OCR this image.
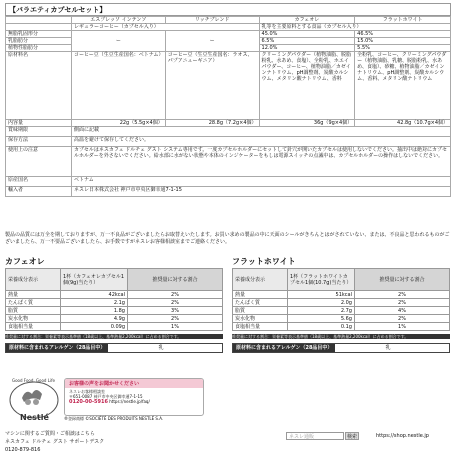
【バラエティカプセルセット】
	エスプレッソ インテンソ	リッチブレンド	カフェオレ	フラットホワイト
	レギュラーコーヒー（カプセル入り）		乳等を主要原料とする食品（カプセル入り）	
無脂乳固形分	ー	ー	45.0%	46.5%
乳脂肪分			6.5%	15.0%
植物性脂肪分			12.0%	5.5%
原材料名	コーヒー豆（生豆生産国名：ベトナム）	コーヒー豆（生豆生産国名：ラオス、パプアニューギニア）	クリーミングパウダー（植物油脂、脱脂粉乳、水あめ、食塩）、全粉乳、ホエイパウダー、コーヒー、植物油脂／カゼインナトリウム、pH調整剤、炭酸カルシウム、メタリン酸ナトリウム、香料	全粉乳、コーヒー、クリーミングパウダー（植物油脂、乳糖、脱脂粉乳、水あめ、食塩）、砂糖、植物油脂／カゼインナトリウム、pH調整剤、炭酸カルシウム、香料、メタリン酸ナトリウム
内容量	22g（5.5g×4個）	28.8g（7.2g×4個）	36g（9g×4個）	42.8g（10.7g×4個）
賞味期限	側面に記載			
保存方法	高温を避けて保存してください。			
使用上の注意	カプセルはネスカフェ ドルチェ グスト システム専用です。一度カプセルホルダーにセットして針穴が開いたカプセルは使用しないでください。抽出中は絶対にカプセルホルダーを外さないでください。給水部に水がない状態や本体のインジケーターをもしは電源スイッチの点滅中は、カプセルホルダーの操作はしないでください。			
原産国名	ベトナム			
輸入者	ネスレ日本株式会社 神戸市中央区御幸通7-1-15			
製品の品質には万全を期しておりますが、万一不良品がございましたらお取替えいたします。お買い求めの製品の中に天面のシールがきちんとはがされていない、または、不良品と思われるものがございましたら、万一不要品ございましたら、お手数ですがネスレお客様相談室までご連絡ください。
カフェオレ
栄養成分表示	1杯（カフェオレカプセル1個(9g)当たり）	推奨量に対する割合
熱量	42kcal	2%
たんぱく質	2.1g	2%
脂質	1.8g	3%
炭水化物	4.9g	2%
食塩相当量	0.09g	1%
推奨量に対する割合：栄養素等表示基準値（18歳以上、基準熱量2,200kcal）に占める割合です。
原材料に含まれるアレルゲン（28品目中）	乳
フラットホワイト
栄養成分表示	1杯（フラットホワイトカプセル1個(10.7g)当たり）	推奨量に対する割合
熱量	51kcal	2%
たんぱく質	2.0g	2%
脂質	2.7g	4%
炭水化物	5.6g	2%
食塩相当量	0.1g	1%
推奨量に対する割合：栄養素等表示基準値（18歳以上、基準熱量2,200kcal）に占める割合です。
原材料に含まれるアレルゲン（28品目中）	乳
Good Food, Good Life
Nestlé
お客様の声をお聞かせください
ネスレお客様相談室
〒651-0087 神戸市中央区御幸通7-1-15
0120-00-5916 https://nestle.jp/faq/
®登録商標 ©SOCIÉTÉ DES PRODUITS NESTLÉ S.A.
マシンに関するご質問・ご相談はこちら
ネスカフェ ドルチェ グスト サポートデスク
0120-879-816
ネスレ通販	検索	https://shop.nestle.jp
